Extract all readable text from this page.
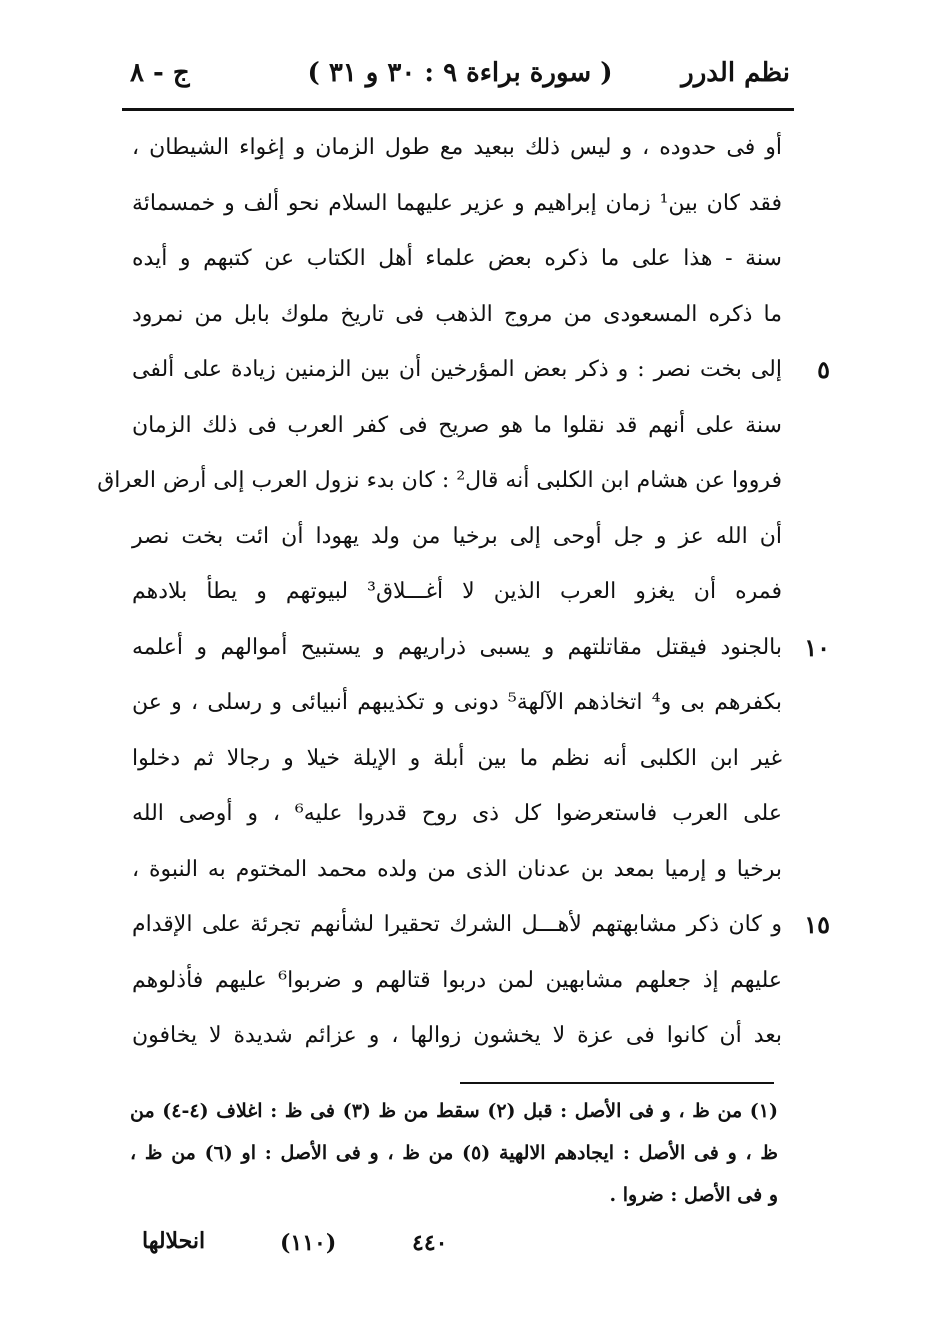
نظم الدرر
( سورة براءة ٩ : ٣٠ و ٣١ )
ج - ٨
أو فى حدوده ، و ليس ذلك ببعيد مع طول الزمان و إغواء الشيطان ،
فقد كان بين¹ زمان إبراهيم و عزير عليهما السلام نحو ألف و خمسمائة
سنة - هذا على ما ذكره بعض علماء أهل الكتاب عن كتبهم و أيده
ما ذكره المسعودى من مروج الذهب فى تاريخ ملوك بابل من نمرود
إلى بخت نصر : و ذكر بعض المؤرخين أن بين الزمنين زيادة على ألفى ٥
سنة على أنهم قد نقلوا ما هو صريح فى كفر العرب فى ذلك الزمان
فرووا عن هشام ابن الكلبى أنه قال² : كان بدء نزول العرب إلى أرض العراق
أن الله عز و جل أوحى إلى برخيا من ولد يهودا أن ائت بخت نصر
فمره أن يغزو العرب الذين لا أغـــلاق³ لبيوتهم و يطأ بلادهم
بالجنود فيقتل مقاتلتهم و يسبى ذراريهم و يستبيح أموالهم و أعلمه ١٠
بكفرهم بى و⁴ اتخاذهم الآلهة⁵ دونى و تكذيبهم أنبيائى و رسلى ، و عن
غير ابن الكلبى أنه نظم ما بين أبلة و الإيلة خيلا و رجالا ثم دخلوا
على العرب فاستعرضوا كل ذى روح قدروا عليه⁶ ، و أوصى الله
برخيا و إرميا بمعد بن عدنان الذى من ولده محمد المختوم به النبوة ،
و كان ذكر مشابهتهم لأهـــل الشرك تحقيرا لشأنهم تجرئة على الإقدام ١٥
عليهم إذ جعلهم مشابهين لمن دربوا قتالهم و ضربوا⁶ عليهم فأذلوهم
بعد أن كانوا فى عزة لا يخشون زوالها ، و عزائم شديدة لا يخافون
(١) من ظ ، و فى الأصل : قبل (٢) سقط من ظ (٣) فى ظ : اغلاف (٤-٤) من
ظ ، و فى الأصل : ايجادهم الالهية (٥) من ظ ، و فى الأصل : او (٦) من ظ ،
و فى الأصل : ضروا .
انحلالها	(١١٠)	٤٤٠
